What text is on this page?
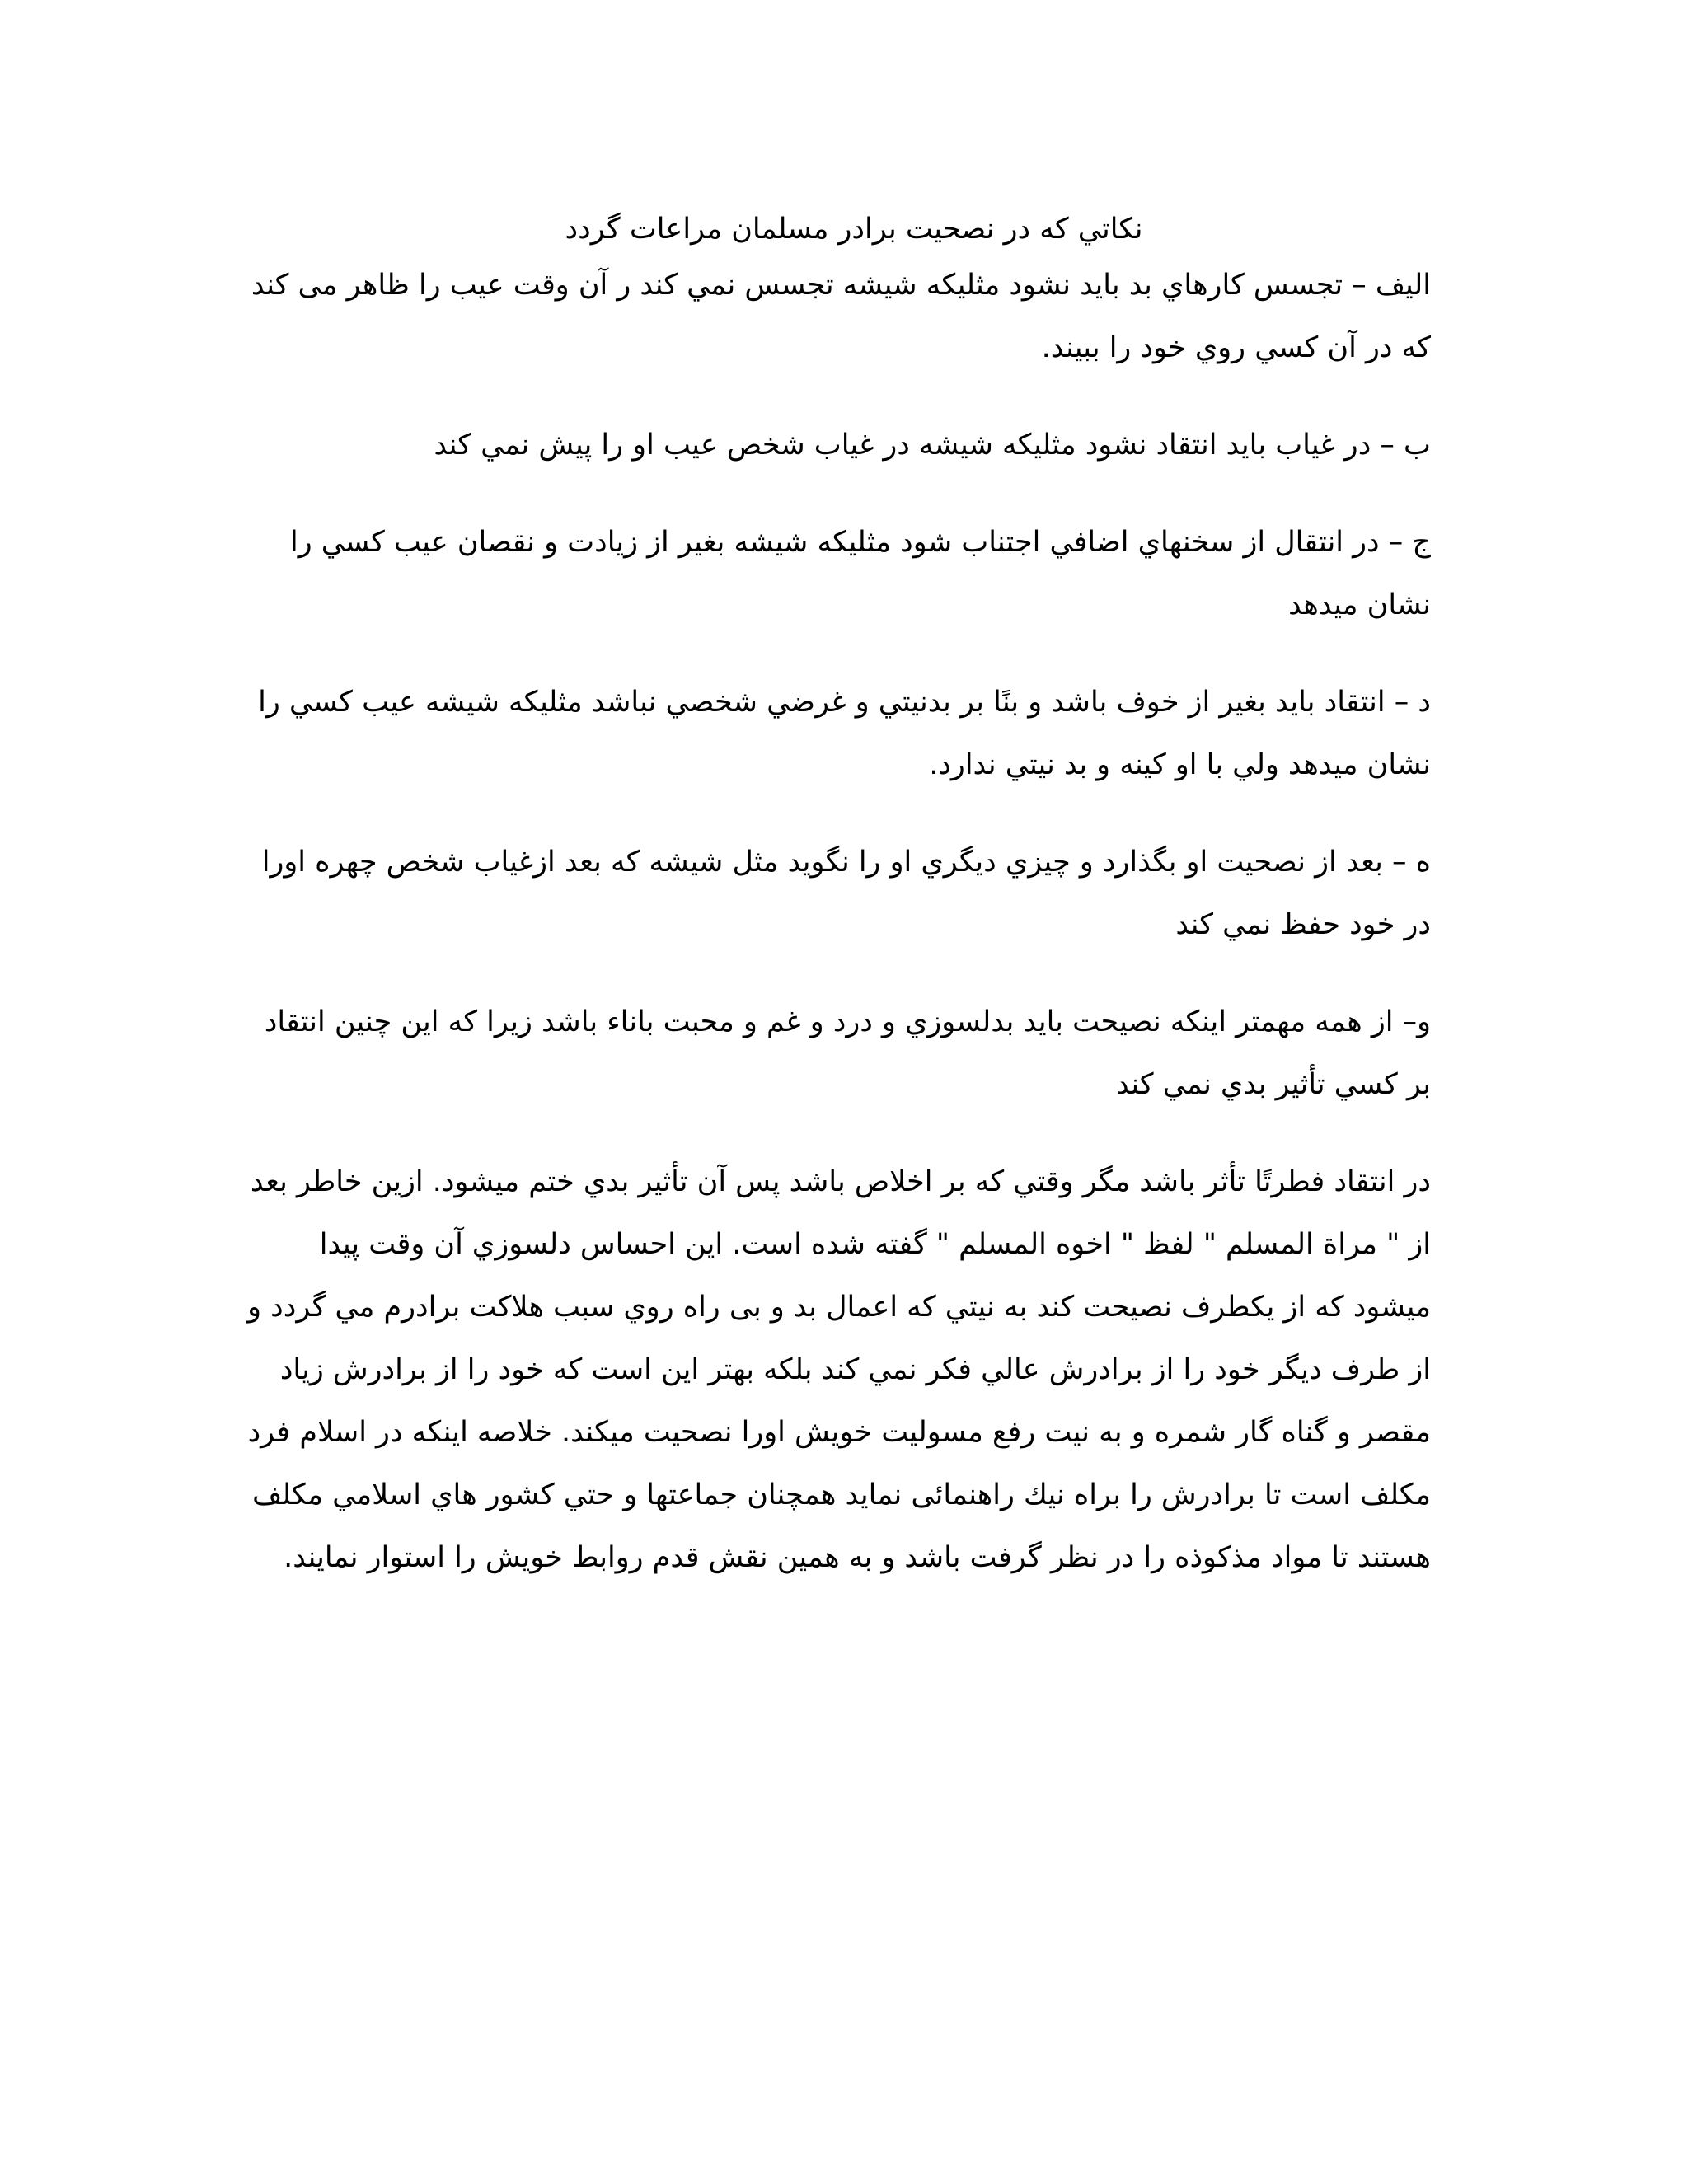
نكاتي كه در نصحيت برادر مسلمان مراعات گردد

الیف – تجسس كارهاي بد بايد نشود مثليكه شيشه تجسس نمي كند ر آن وقت عیب را ظاهر می كند كه در آن كسي روي خود را ببيند.

ب – در غياب بايد انتقاد نشود مثليكه شيشه در غياب شخص عيب او را پيش نمي كند

ج – در انتقال از سخنهاي اضافي اجتناب شود مثليكه شيشه بغير از زيادت و نقصان عيب كسي را نشان ميدهد

د – انتقاد بايد بغير از خوف باشد و بنًا بر بدنيتي و غرضي شخصي نباشد مثليكه شيشه عيب كسي را نشان ميدهد ولي با او كينه و بد نيتي ندارد.

ه – بعد از نصحيت او بگذارد و چيزي ديگري او را نگويد مثل شيشه كه بعد ازغياب شخص چهره اورا در خود حفظ نمي كند

و– از همه مهمتر اینكه نصيحت بايد بدلسوزي و درد و غم و محبت باناء باشد زيرا كه اين چنين انتقاد بر كسي تأثير بدي نمي كند

در انتقاد فطرتًا تأثر باشد مگر وقتي كه بر اخلاص باشد پس آن تأثير بدي ختم ميشود. ازين خاطر بعد از " مراة المسلم " لفظ " اخوه المسلم " گفته شده است. اين احساس دلسوزي آن وقت پيدا ميشود كه از يكطرف نصيحت كند به نيتي كه اعمال بد و بی راه روي سبب هلاكت برادرم مي گردد و از طرف ديگر خود را از برادرش عالي فكر نمي كند بلكه بهتر اين است كه خود را از برادرش زياد مقصر و گناه گار شمره و به نيت رفع مسوليت خويش اورا نصحيت ميكند. خلاصه اینكه در اسلام فرد مكلف است تا برادرش را براه نيك راهنمائی نمايد همچنان جماعتها و حتي كشور هاي اسلامي مكلف هستند تا مواد مذكوذه را در نظر گرفت باشد و به همين نقش قدم روابط خويش را استوار نمايند.
